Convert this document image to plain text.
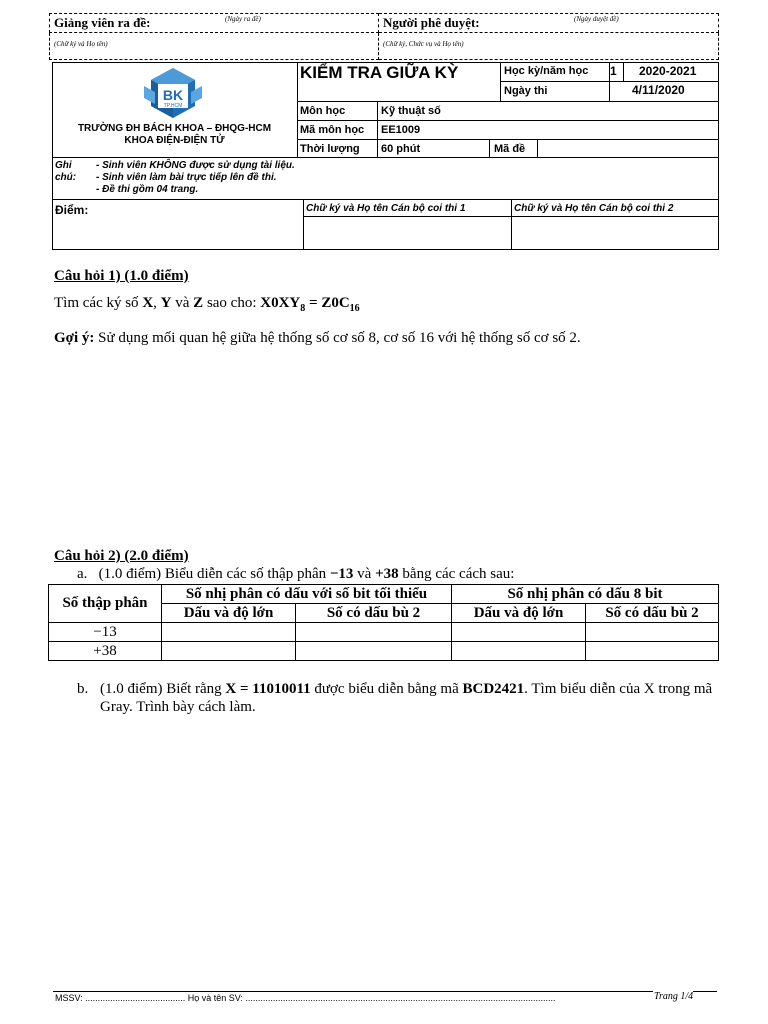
Giảng viên ra đề: (Ngày ra đề)	Người phê duyệt: (Ngày duyệt đề)

(Chữ ký và Họ tên)	(Chữ ký, Chức vụ và Họ tên)
BK
TP.HCM
TRƯỜNG ĐH BÁCH KHOA – ĐHQG-HCM
KHOA ĐIỆN-ĐIỆN TỬ
KIỂM TRA GIỮA KỲ	Học kỳ/năm học 1 2020-2021
Ngày thi	4/11/2020
Môn học	Kỹ thuật số
Mã môn học EE1009
Thời lượng 60 phút	Mã đề
Ghi chú:
- Sinh viên KHÔNG được sử dụng tài liệu.
- Sinh viên làm bài trực tiếp lên đề thi.
- Đề thi gồm 04 trang.
Điểm:	Chữ ký và Họ tên Cán bộ coi thi 1	Chữ ký và Họ tên Cán bộ coi thi 2
Câu hỏi 1) (1.0 điểm)
Tìm các ký số X, Y và Z sao cho: $X0XY_8 = Z0C_{16}$
Gợi ý: Sử dụng mối quan hệ giữa hệ thống số cơ số 8, cơ số 16 với hệ thống số cơ số 2.
Câu hỏi 2) (2.0 điểm)
a. (1.0 điểm) Biểu diễn các số thập phân −13 và +38 bằng các cách sau:
Số thập phân	Số nhị phân có dấu với số bit tối thiểu		Số nhị phân có dấu 8 bit	
	Dấu và độ lớn	Số có dấu bù 2	Dấu và độ lớn	Số có dấu bù 2
−13				
+38				
b. (1.0 điểm) Biết rằng X = 11010011 được biểu diễn bằng mã BCD2421. Tìm biểu diễn của X trong mã Gray. Trình bày cách làm.
MSSV: ........................................ Họ và tên SV: ............................................................................................................................	Trang 1/4
